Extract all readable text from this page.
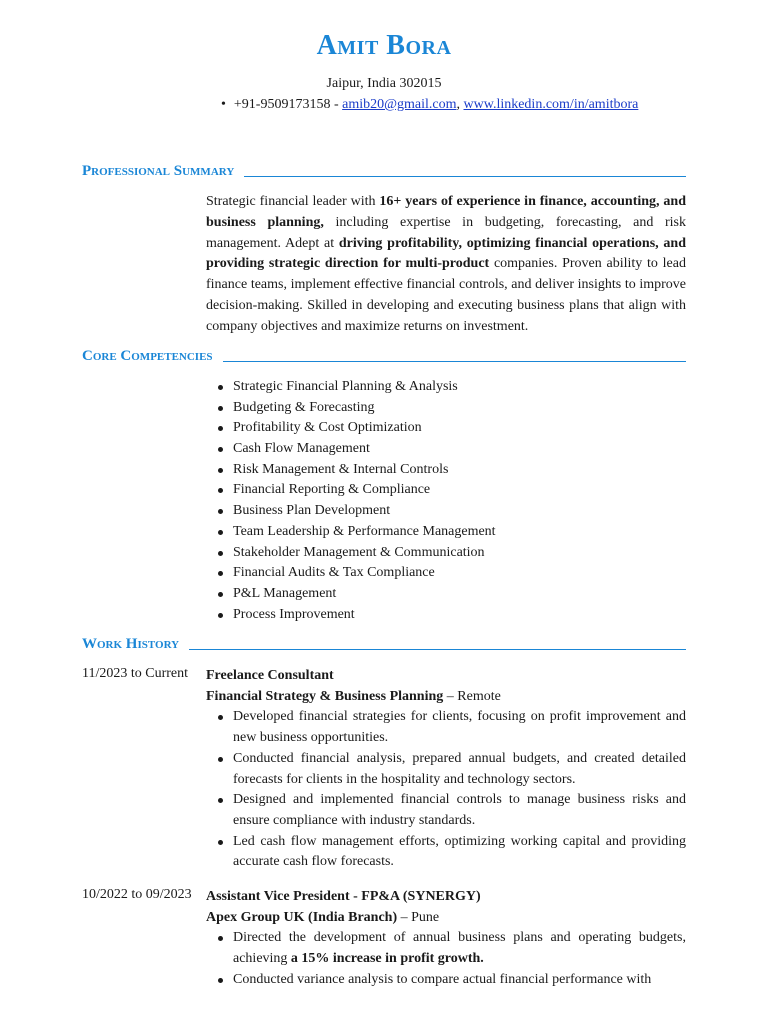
Amit Bora
Jaipur, India 302015
• +91-9509173158 - amib20@gmail.com, www.linkedin.com/in/amitbora
Professional Summary
Strategic financial leader with 16+ years of experience in finance, accounting, and business planning, including expertise in budgeting, forecasting, and risk management. Adept at driving profitability, optimizing financial operations, and providing strategic direction for multi-product companies. Proven ability to lead finance teams, implement effective financial controls, and deliver insights to improve decision-making. Skilled in developing and executing business plans that align with company objectives and maximize returns on investment.
Core Competencies
Strategic Financial Planning & Analysis
Budgeting & Forecasting
Profitability & Cost Optimization
Cash Flow Management
Risk Management & Internal Controls
Financial Reporting & Compliance
Business Plan Development
Team Leadership & Performance Management
Stakeholder Management & Communication
Financial Audits & Tax Compliance
P&L Management
Process Improvement
Work History
11/2023 to Current Freelance Consultant
Financial Strategy & Business Planning – Remote
Developed financial strategies for clients, focusing on profit improvement and new business opportunities.
Conducted financial analysis, prepared annual budgets, and created detailed forecasts for clients in the hospitality and technology sectors.
Designed and implemented financial controls to manage business risks and ensure compliance with industry standards.
Led cash flow management efforts, optimizing working capital and providing accurate cash flow forecasts.
10/2022 to 09/2023 Assistant Vice President - FP&A (SYNERGY)
Apex Group UK (India Branch) – Pune
Directed the development of annual business plans and operating budgets, achieving a 15% increase in profit growth.
Conducted variance analysis to compare actual financial performance with
